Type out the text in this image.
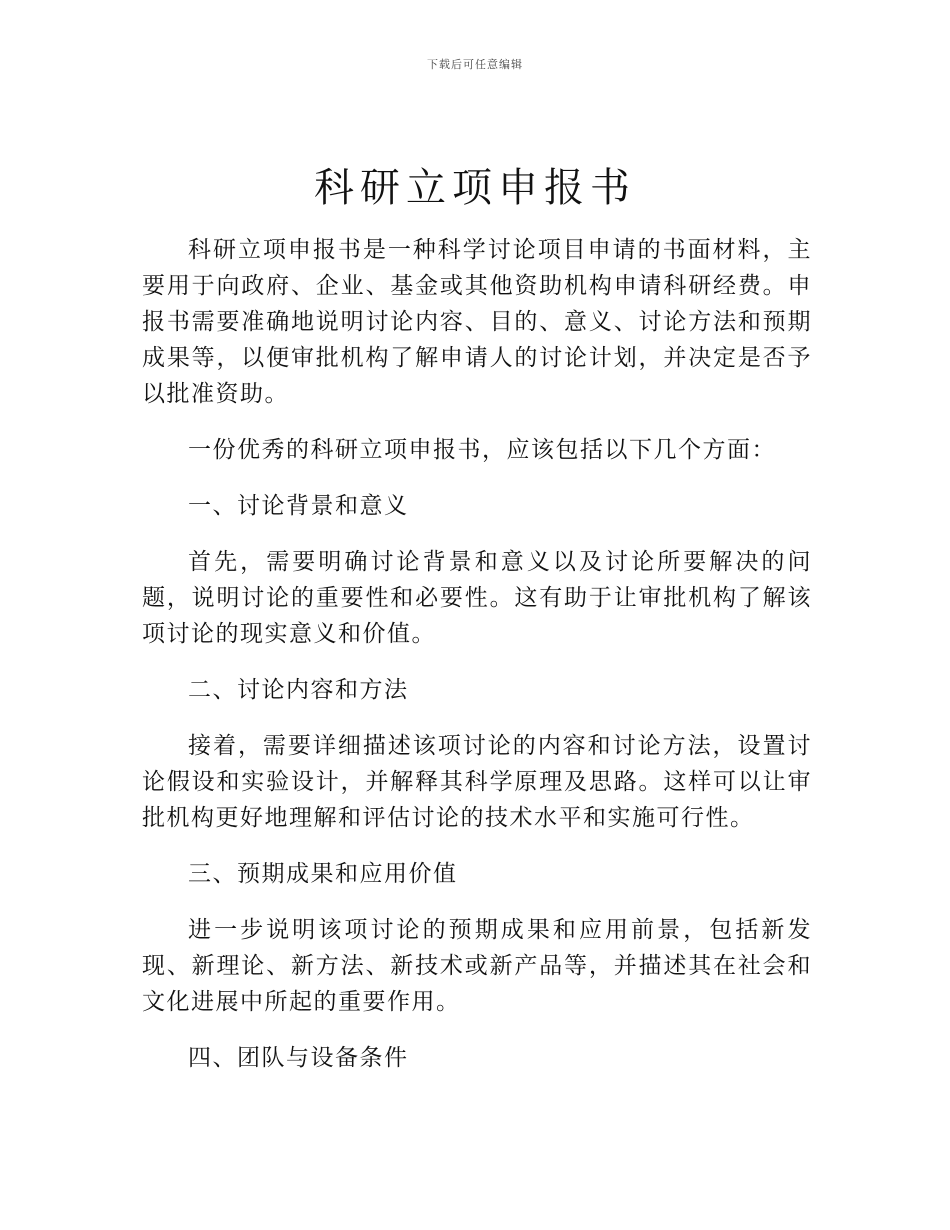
下载后可任意编辑
科研立项申报书

科研立项申报书是一种科学讨论项目申请的书面材料，主要用于向政府、企业、基金或其他资助机构申请科研经费。申报书需要准确地说明讨论内容、目的、意义、讨论方法和预期成果等，以便审批机构了解申请人的讨论计划，并决定是否予以批准资助。

一份优秀的科研立项申报书，应该包括以下几个方面：

一、讨论背景和意义

首先，需要明确讨论背景和意义以及讨论所要解决的问题，说明讨论的重要性和必要性。这有助于让审批机构了解该项讨论的现实意义和价值。

二、讨论内容和方法

接着，需要详细描述该项讨论的内容和讨论方法，设置讨论假设和实验设计，并解释其科学原理及思路。这样可以让审批机构更好地理解和评估讨论的技术水平和实施可行性。

三、预期成果和应用价值

进一步说明该项讨论的预期成果和应用前景，包括新发现、新理论、新方法、新技术或新产品等，并描述其在社会和文化进展中所起的重要作用。

四、团队与设备条件
